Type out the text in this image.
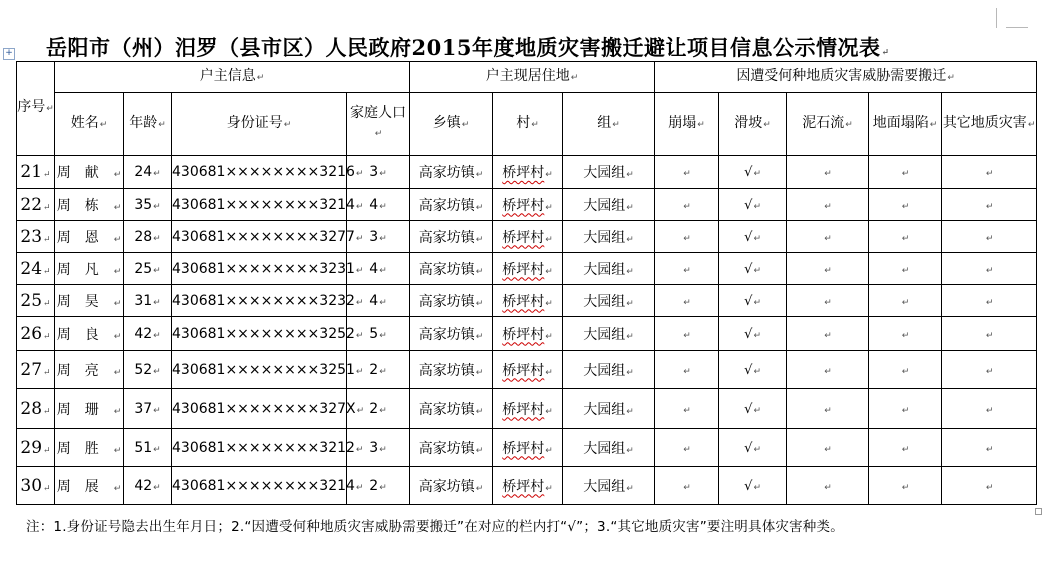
岳阳市（州）汨罗（县市区）人民政府2015年度地质灾害搬迁避让项目信息公示情况表↵
+
序号↵	户主信息↵				户主现居住地↵			因遭受何种地质灾害威胁需要搬迁↵				
	姓名↵	年龄↵	身份证号↵	家庭人口↵	乡镇↵	村↵	组↵	崩塌↵	滑坡↵	泥石流↵	地面塌陷↵	其它地质灾害↵
21↵	周献↵	24↵	430681××××××××3216↵	3↵	高家坊镇↵	桥坪村↵	大园组↵	↵	√↵	↵	↵	↵
22↵	周栋↵	35↵	430681××××××××3214↵	4↵	高家坊镇↵	桥坪村↵	大园组↵	↵	√↵	↵	↵	↵
23↵	周恩↵	28↵	430681××××××××3277↵	3↵	高家坊镇↵	桥坪村↵	大园组↵	↵	√↵	↵	↵	↵
24↵	周凡↵	25↵	430681××××××××3231↵	4↵	高家坊镇↵	桥坪村↵	大园组↵	↵	√↵	↵	↵	↵
25↵	周昊↵	31↵	430681××××××××3232↵	4↵	高家坊镇↵	桥坪村↵	大园组↵	↵	√↵	↵	↵	↵
26↵	周良↵	42↵	430681××××××××3252↵	5↵	高家坊镇↵	桥坪村↵	大园组↵	↵	√↵	↵	↵	↵
27↵	周亮↵	52↵	430681××××××××3251↵	2↵	高家坊镇↵	桥坪村↵	大园组↵	↵	√↵	↵	↵	↵
28↵	周珊↵	37↵	430681××××××××327X↵	2↵	高家坊镇↵	桥坪村↵	大园组↵	↵	√↵	↵	↵	↵
29↵	周胜↵	51↵	430681××××××××3212↵	3↵	高家坊镇↵	桥坪村↵	大园组↵	↵	√↵	↵	↵	↵
30↵	周展↵	42↵	430681××××××××3214↵	2↵	高家坊镇↵	桥坪村↵	大园组↵	↵	√↵	↵	↵	↵
注：1.身份证号隐去出生年月日；2.“因遭受何种地质灾害威胁需要搬迁”在对应的栏内打“√”；3.“其它地质灾害”要注明具体灾害种类。
